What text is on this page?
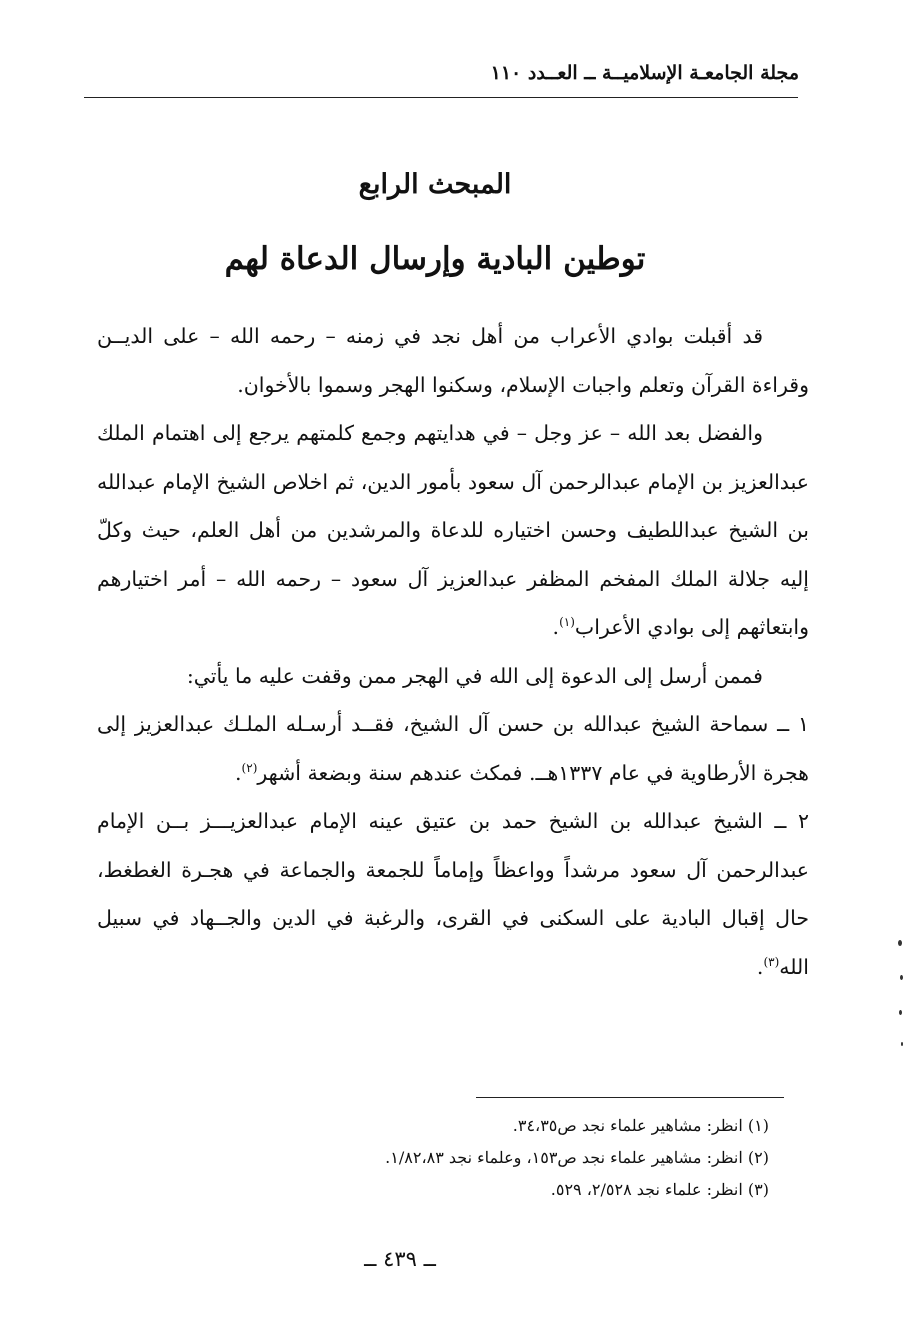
مجلة الجامعـة الإسلاميــة ــ العــدد ١١٠
المبحث الرابع
توطين البادية وإرسال الدعاة لهم

قد أقبلت بوادي الأعراب من أهل نجد في زمنه – رحمه الله – على الديــن وقراءة القرآن وتعلم واجبات الإسلام، وسكنوا الهجر وسموا بالأخوان.

والفضل بعد الله – عز وجل – في هدايتهم وجمع كلمتهم يرجع إلى اهتمام الملك عبدالعزيز بن الإمام عبدالرحمن آل سعود بأمور الدين، ثم اخلاص الشيخ الإمام عبدالله بن الشيخ عبداللطيف وحسن اختياره للدعاة والمرشدين من أهل العلم، حيث وكلّ إليه جلالة الملك المفخم المظفر عبدالعزيز آل سعود – رحمه الله – أمر اختيارهم وابتعاثهم إلى بوادي الأعراب$^{(١)}$.

فممن أرسل إلى الدعوة إلى الله في الهجر ممن وقفت عليه ما يأتي:

١ ــ سماحة الشيخ عبدالله بن حسن آل الشيخ، فقــد أرسـله الملـك عبدالعزيز إلى هجرة الأرطاوية في عام ١٣٣٧هــ. فمكث عندهم سنة وبضعة أشهر$^{(٢)}$.

٢ ــ الشيخ عبدالله بن الشيخ حمد بن عتيق عينه الإمام عبدالعزيـــز بــن الإمام عبدالرحمن آل سعود مرشداً وواعظاً وإماماً للجمعة والجماعة في هجـرة الغطغط، حال إقبال البادية على السكنى في القرى، والرغبة في الدين والجــهاد في سبيل الله$^{(٣)}$.

(١) انظر: مشاهير علماء نجد ص٣٤،٣٥.

(٢) انظر: مشاهير علماء نجد ص١٥٣، وعلماء نجد ١/٨٢،٨٣.

(٣) انظر: علماء نجد ٢/٥٢٨، ٥٢٩.

ــ ٤٣٩ ــ
